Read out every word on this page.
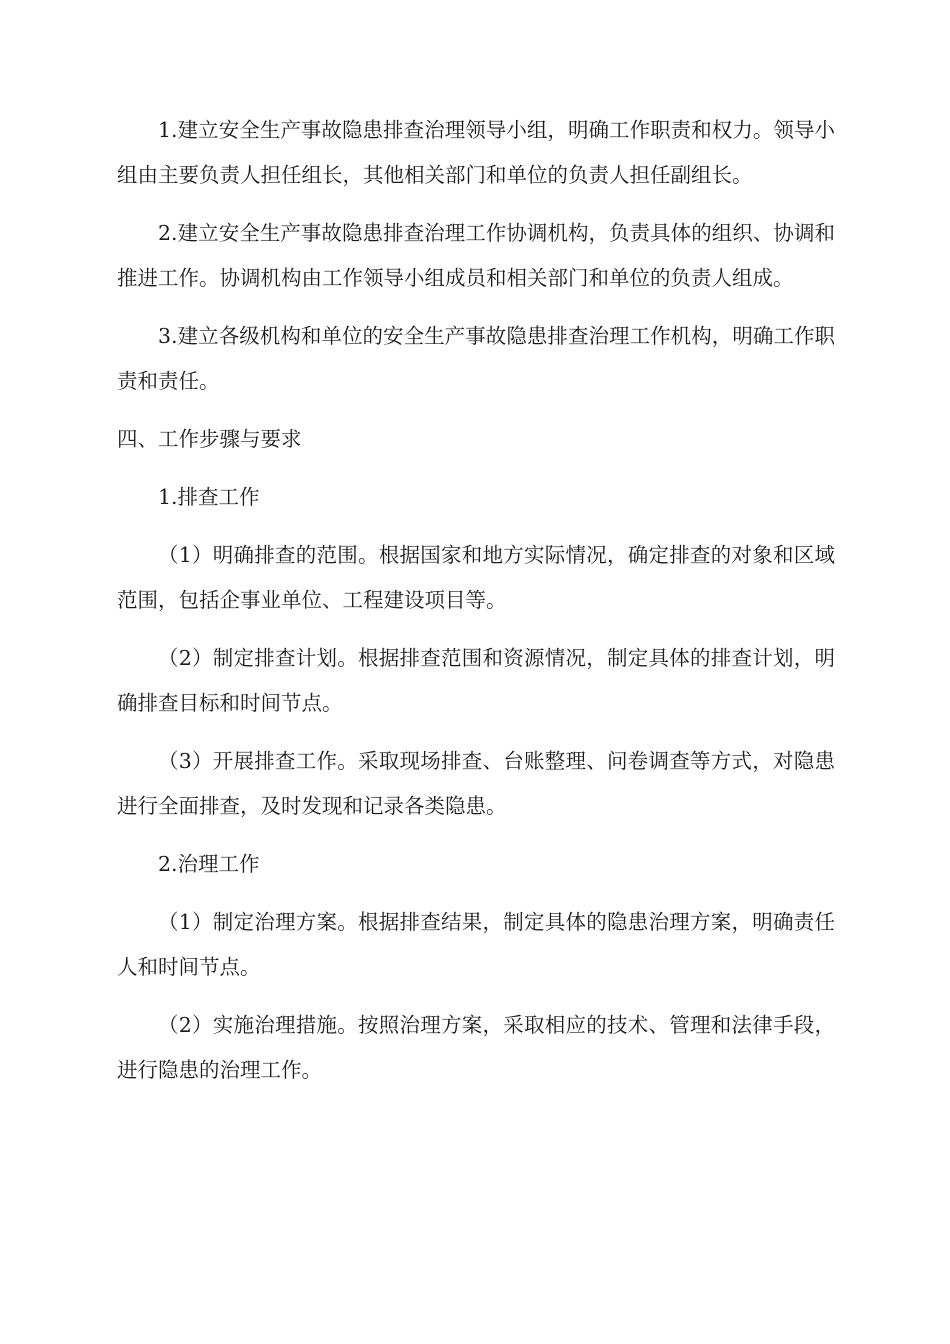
1.建立安全生产事故隐患排查治理领导小组，明确工作职责和权力。领导小组由主要负责人担任组长，其他相关部门和单位的负责人担任副组长。

2.建立安全生产事故隐患排查治理工作协调机构，负责具体的组织、协调和推进工作。协调机构由工作领导小组成员和相关部门和单位的负责人组成。

3.建立各级机构和单位的安全生产事故隐患排查治理工作机构，明确工作职责和责任。

四、工作步骤与要求

1.排查工作

（1）明确排查的范围。根据国家和地方实际情况，确定排查的对象和区域范围，包括企事业单位、工程建设项目等。

（2）制定排查计划。根据排查范围和资源情况，制定具体的排查计划，明确排查目标和时间节点。

（3）开展排查工作。采取现场排查、台账整理、问卷调查等方式，对隐患进行全面排查，及时发现和记录各类隐患。

2.治理工作

（1）制定治理方案。根据排查结果，制定具体的隐患治理方案，明确责任人和时间节点。

（2）实施治理措施。按照治理方案，采取相应的技术、管理和法律手段，进行隐患的治理工作。
